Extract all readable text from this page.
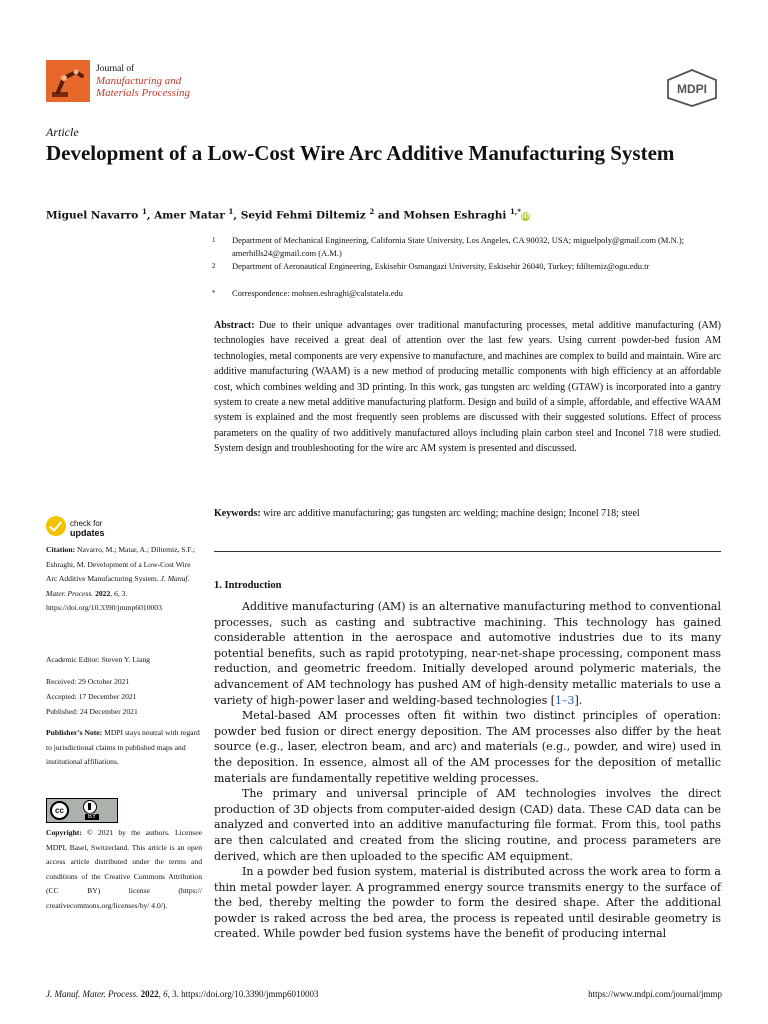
Journal of
Manufacturing and
Materials Processing	MDPI
Article
Development of a Low-Cost Wire Arc Additive Manufacturing System
Miguel Navarro $^1$, Amer Matar $^1$, Seyid Fehmi Diltemiz $^2$ and Mohsen Eshraghi $^{1,*}$iD
1 Department of Mechanical Engineering, California State University, Los Angeles, CA 90032, USA; miguelpoly@gmail.com (M.N.); amerhills24@gmail.com (A.M.)
2 Department of Aeronautical Engineering, Eskisehir Osmangazi University, Eskisehir 26040, Turkey; fdiltemiz@ogu.edu.tr
* Correspondence: mohsen.eshraghi@calstatela.edu
Abstract: Due to their unique advantages over traditional manufacturing processes, metal additive manufacturing (AM) technologies have received a great deal of attention over the last few years. Using current powder-bed fusion AM technologies, metal components are very expensive to manufacture, and machines are complex to build and maintain. Wire arc additive manufacturing (WAAM) is a new method of producing metallic components with high efficiency at an affordable cost, which combines welding and 3D printing. In this work, gas tungsten arc welding (GTAW) is incorporated into a gantry system to create a new metal additive manufacturing platform. Design and build of a simple, affordable, and effective WAAM system is explained and the most frequently seen problems are discussed with their suggested solutions. Effect of process parameters on the quality of two additively manufactured alloys including plain carbon steel and Inconel 718 were studied. System design and troubleshooting for the wire arc AM system is presented and discussed.
Keywords: wire arc additive manufacturing; gas tungsten arc welding; machine design; Inconel 718; steel
check for
updates
Citation: Navarro, M.; Matar, A.; Diltemiz, S.F.; Eshraghi, M. Development of a Low-Cost Wire Arc Additive Manufacturing System. J. Manuf. Mater. Process. 2022, 6, 3. https://doi.org/10.3390/jmmp6010003
Academic Editor: Steven Y. Liang
Received: 29 October 2021
Accepted: 17 December 2021
Published: 24 December 2021
Publisher’s Note: MDPI stays neutral with regard to jurisdictional claims in published maps and institutional affiliations.
cc
BY
Copyright: © 2021 by the authors. Licensee MDPI, Basel, Switzerland. This article is an open access article distributed under the terms and conditions of the Creative Commons Attribution (CC BY) license (https:// creativecommons.org/licenses/by/ 4.0/).
1. Introduction

Additive manufacturing (AM) is an alternative manufacturing method to conventional processes, such as casting and subtractive machining. This technology has gained considerable attention in the aerospace and automotive industries due to its many potential benefits, such as rapid prototyping, near-net-shape processing, component mass reduction, and geometric freedom. Initially developed around polymeric materials, the advancement of AM technology has pushed AM of high-density metallic materials to use a variety of high-power laser and welding-based technologies [1–3].

Metal-based AM processes often fit within two distinct principles of operation: powder bed fusion or direct energy deposition. The AM processes also differ by the heat source (e.g., laser, electron beam, and arc) and materials (e.g., powder, and wire) used in the deposition. In essence, almost all of the AM processes for the deposition of metallic materials are fundamentally repetitive welding processes.

The primary and universal principle of AM technologies involves the direct production of 3D objects from computer-aided design (CAD) data. These CAD data can be analyzed and converted into an additive manufacturing file format. From this, tool paths are then calculated and created from the slicing routine, and process parameters are derived, which are then uploaded to the specific AM equipment.

In a powder bed fusion system, material is distributed across the work area to form a thin metal powder layer. A programmed energy source transmits energy to the surface of the bed, thereby melting the powder to form the desired shape. After the additional powder is raked across the bed area, the process is repeated until desirable geometry is created. While powder bed fusion systems have the benefit of producing internal

J. Manuf. Mater. Process. 2022, 6, 3. https://doi.org/10.3390/jmmp6010003	https://www.mdpi.com/journal/jmmp
